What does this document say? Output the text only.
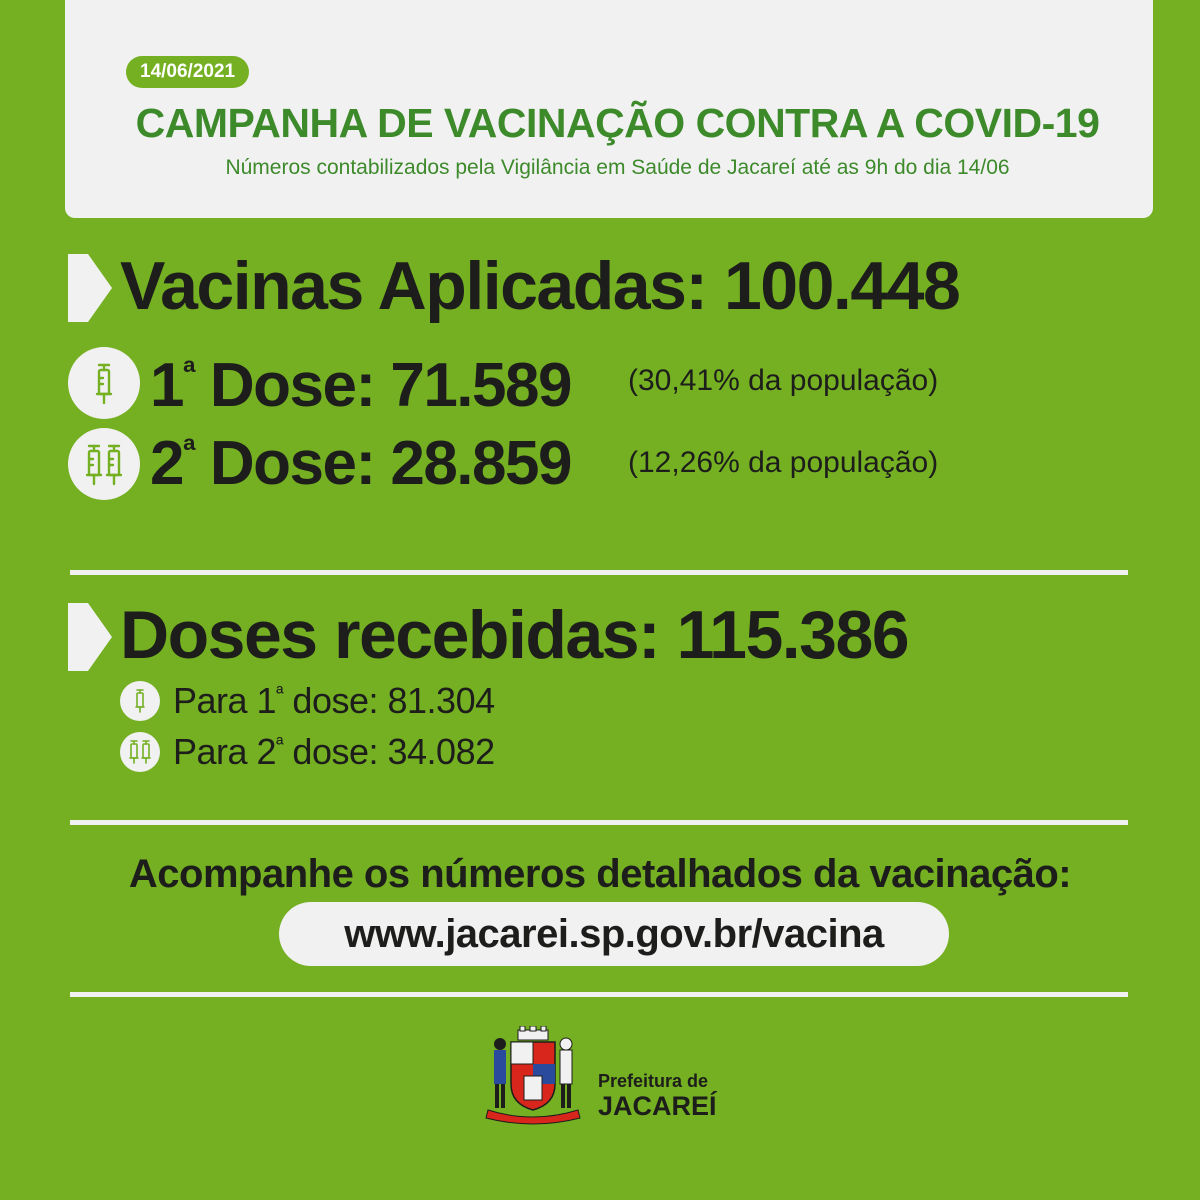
14/06/2021
CAMPANHA DE VACINAÇÃO CONTRA A COVID-19
Números contabilizados pela Vigilância em Saúde de Jacareí até as 9h do dia 14/06
Vacinas Aplicadas: 100.448
$1^ª$ Dose: 71.589 (30,41% da população)
$2^ª$ Dose: 28.859 (12,26% da população)
Doses recebidas: 115.386
Para $1^ª$ dose: 81.304
Para $2^ª$ dose: 34.082
Acompanhe os números detalhados da vacinação:
www.jacarei.sp.gov.br/vacina
Prefeitura de
JACAREÍ
